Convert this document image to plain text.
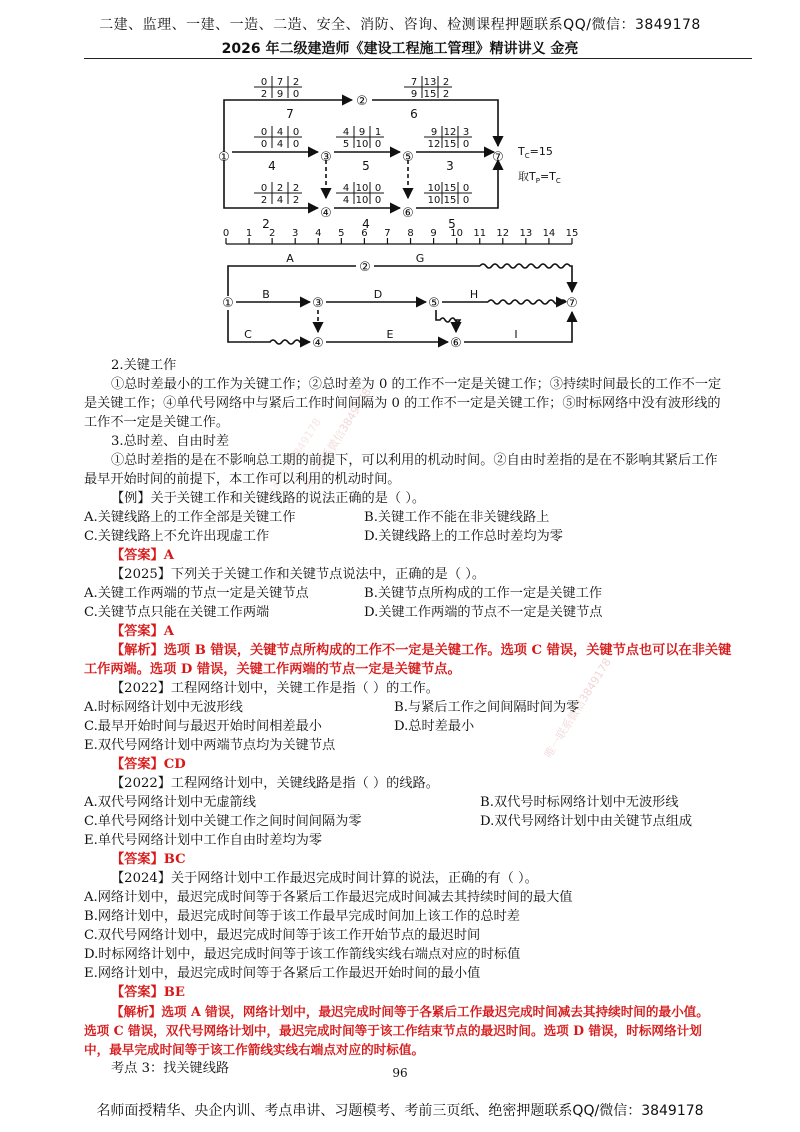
二建、监理、一建、一造、二造、安全、消防、咨询、检测课程押题联系QQ/微信：3849178
2026 年二级建造师《建设工程施工管理》精讲讲义 金亮
①
②
③
④
⑤
⑥
⑦
0 7 2
2 9 0
7 13 2
9 15 2
0 4 0
0 4 0
4 9 1
5 10 0
9 12 3
12 15 0
0 2 2
2 4 2
4 10 0
4 10 0
10 15 0
10 15 0
7	6
4	5	3
2	4	5
$T_C=15$
取$T_P=T_C$
0 1 2 3 4 5 6 7 8 9 10 11 12 13 14 15
①
②
③
④
⑤
⑥
⑦
A	G
B	D	H
C	E	I
唯一联系微信3849178
唯一联系微信3849178
唯一联系微信3849178
2.关键工作
①总时差最小的工作为关键工作；②总时差为 0 的工作不一定是关键工作；③持续时间最长的工作不一定
是关键工作；④单代号网络中与紧后工作时间间隔为 0 的工作不一定是关键工作；⑤时标网络中没有波形线的
工作不一定是关键工作。
3.总时差、自由时差
①总时差指的是在不影响总工期的前提下，可以利用的机动时间。②自由时差指的是在不影响其紧后工作
最早开始时间的前提下，本工作可以利用的机动时间。
【例】关于关键工作和关键线路的说法正确的是（ ）。
A.关键线路上的工作全部是关键工作	B.关键工作不能在非关键线路上
C.关键线路上不允许出现虚工作	D.关键线路上的工作总时差均为零
【答案】A
【2025】下列关于关键工作和关键节点说法中，正确的是（ ）。
A.关键工作两端的节点一定是关键节点	B.关键节点所构成的工作一定是关键工作
C.关键节点只能在关键工作两端	D.关键工作两端的节点不一定是关键节点
【答案】A
【解析】选项 B 错误，关键节点所构成的工作不一定是关键工作。选项 C 错误，关键节点也可以在非关键
工作两端。选项 D 错误，关键工作两端的节点一定是关键节点。
【2022】工程网络计划中，关键工作是指（ ）的工作。
A.时标网络计划中无波形线	B.与紧后工作之间间隔时间为零
C.最早开始时间与最迟开始时间相差最小	D.总时差最小
E.双代号网络计划中两端节点均为关键节点
【答案】CD
【2022】工程网络计划中，关键线路是指（ ）的线路。
A.双代号网络计划中无虚箭线	B.双代号时标网络计划中无波形线
C.单代号网络计划中关键工作之间时间间隔为零	D.双代号网络计划中由关键节点组成
E.单代号网络计划中工作自由时差均为零
【答案】BC
【2024】关于网络计划中工作最迟完成时间计算的说法，正确的有（ ）。
A.网络计划中，最迟完成时间等于各紧后工作最迟完成时间减去其持续时间的最大值
B.网络计划中，最迟完成时间等于该工作最早完成时间加上该工作的总时差
C.双代号网络计划中，最迟完成时间等于该工作开始节点的最迟时间
D.时标网络计划中，最迟完成时间等于该工作箭线实线右端点对应的时标值
E.网络计划中，最迟完成时间等于各紧后工作最迟开始时间的最小值
【答案】BE
【解析】选项 A 错误，网络计划中，最迟完成时间等于各紧后工作最迟完成时间减去其持续时间的最小值。
选项 C 错误，双代号网络计划中，最迟完成时间等于该工作结束节点的最迟时间。选项 D 错误，时标网络计划
中，最早完成时间等于该工作箭线实线右端点对应的时标值。
考点 3：找关键线路	96
名师面授精华、央企内训、考点串讲、习题模考、考前三页纸、绝密押题联系QQ/微信：3849178
